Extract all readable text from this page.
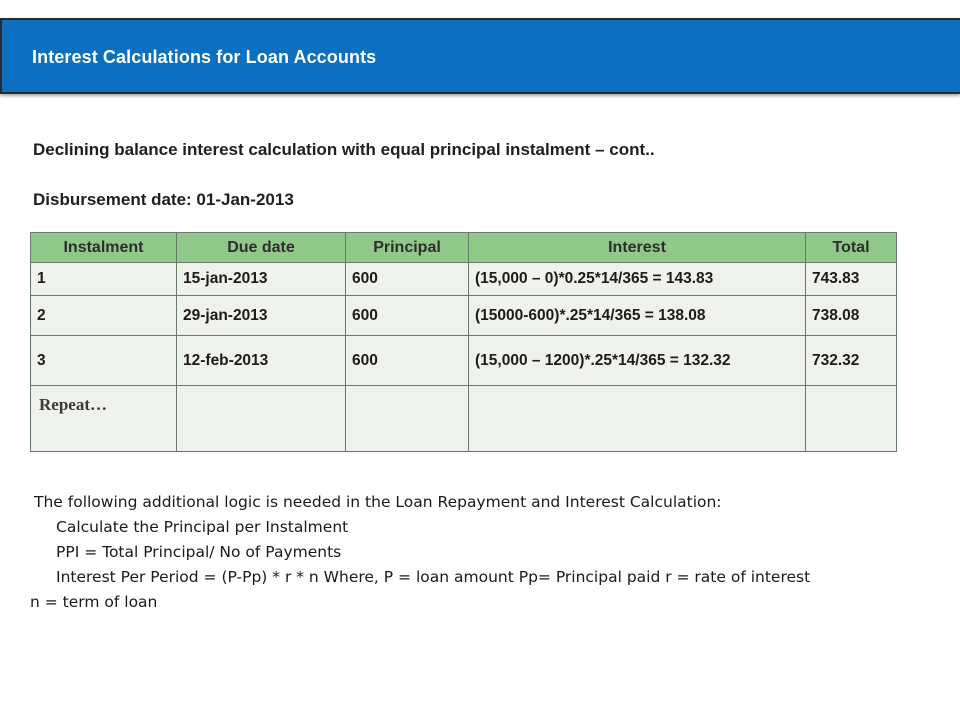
Interest Calculations for Loan Accounts
Declining balance interest calculation with equal principal instalment – cont..
Disbursement date: 01-Jan-2013
Instalment	Due date	Principal	Interest	Total
1	15-jan-2013	600	(15,000 – 0)*0.25*14/365 = 143.83	743.83
2	29-jan-2013	600	(15000-600)*.25*14/365 = 138.08	738.08
3	12-feb-2013	600	(15,000 – 1200)*.25*14/365 = 132.32	732.32
Repeat…				
The following additional logic is needed in the Loan Repayment and Interest Calculation:
Calculate the Principal per Instalment
PPI = Total Principal/ No of Payments
Interest Per Period = (P-Pp) * r * n Where, P = loan amount Pp= Principal paid r = rate of interest
n = term of loan
